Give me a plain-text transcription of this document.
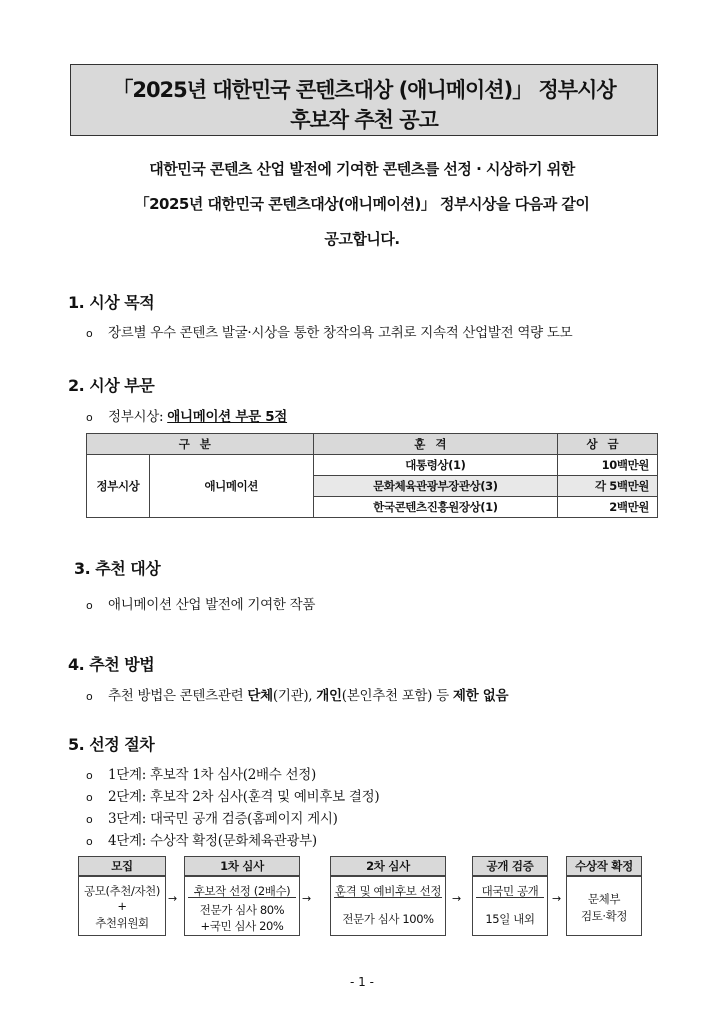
「2025년 대한민국 콘텐츠대상 (애니메이션)」 정부시상
후보작 추천 공고
대한민국 콘텐츠 산업 발전에 기여한 콘텐츠를 선정 · 시상하기 위한
「2025년 대한민국 콘텐츠대상(애니메이션)」 정부시상을 다음과 같이
공고합니다.
1. 시상 목적
o 장르별 우수 콘텐츠 발굴·시상을 통한 창작의욕 고취로 지속적 산업발전 역량 도모
2. 시상 부문
o 정부시상: 애니메이션 부문 5점
구분		훈격	상금
정부시상	애니메이션	대통령상(1)	10백만원
		문화체육관광부장관상(3)	각 5백만원
		한국콘텐츠진흥원장상(1)	2백만원
3. 추천 대상
o 애니메이션 산업 발전에 기여한 작품
4. 추천 방법
o 추천 방법은 콘텐츠관련 단체(기관), 개인(본인추천 포함) 등 제한 없음
5. 선정 절차
o 1단계: 후보작 1차 심사(2배수 선정)
o 2단계: 후보작 2차 심사(훈격 및 예비후보 결정)
o 3단계: 대국민 공개 검증(홈페이지 게시)
o 4단계: 수상작 확정(문화체육관광부)
모집
공모(추천/자천)
+
추천위원회
→
1차 심사
후보작 선정 (2배수)
전문가 심사 80%
+국민 심사 20%
→
2차 심사
훈격 및 예비후보 선정
전문가 심사 100%
→
공개 검증
대국민 공개
15일 내외
→
수상작 확정
문체부
검토·확정
- 1 -
